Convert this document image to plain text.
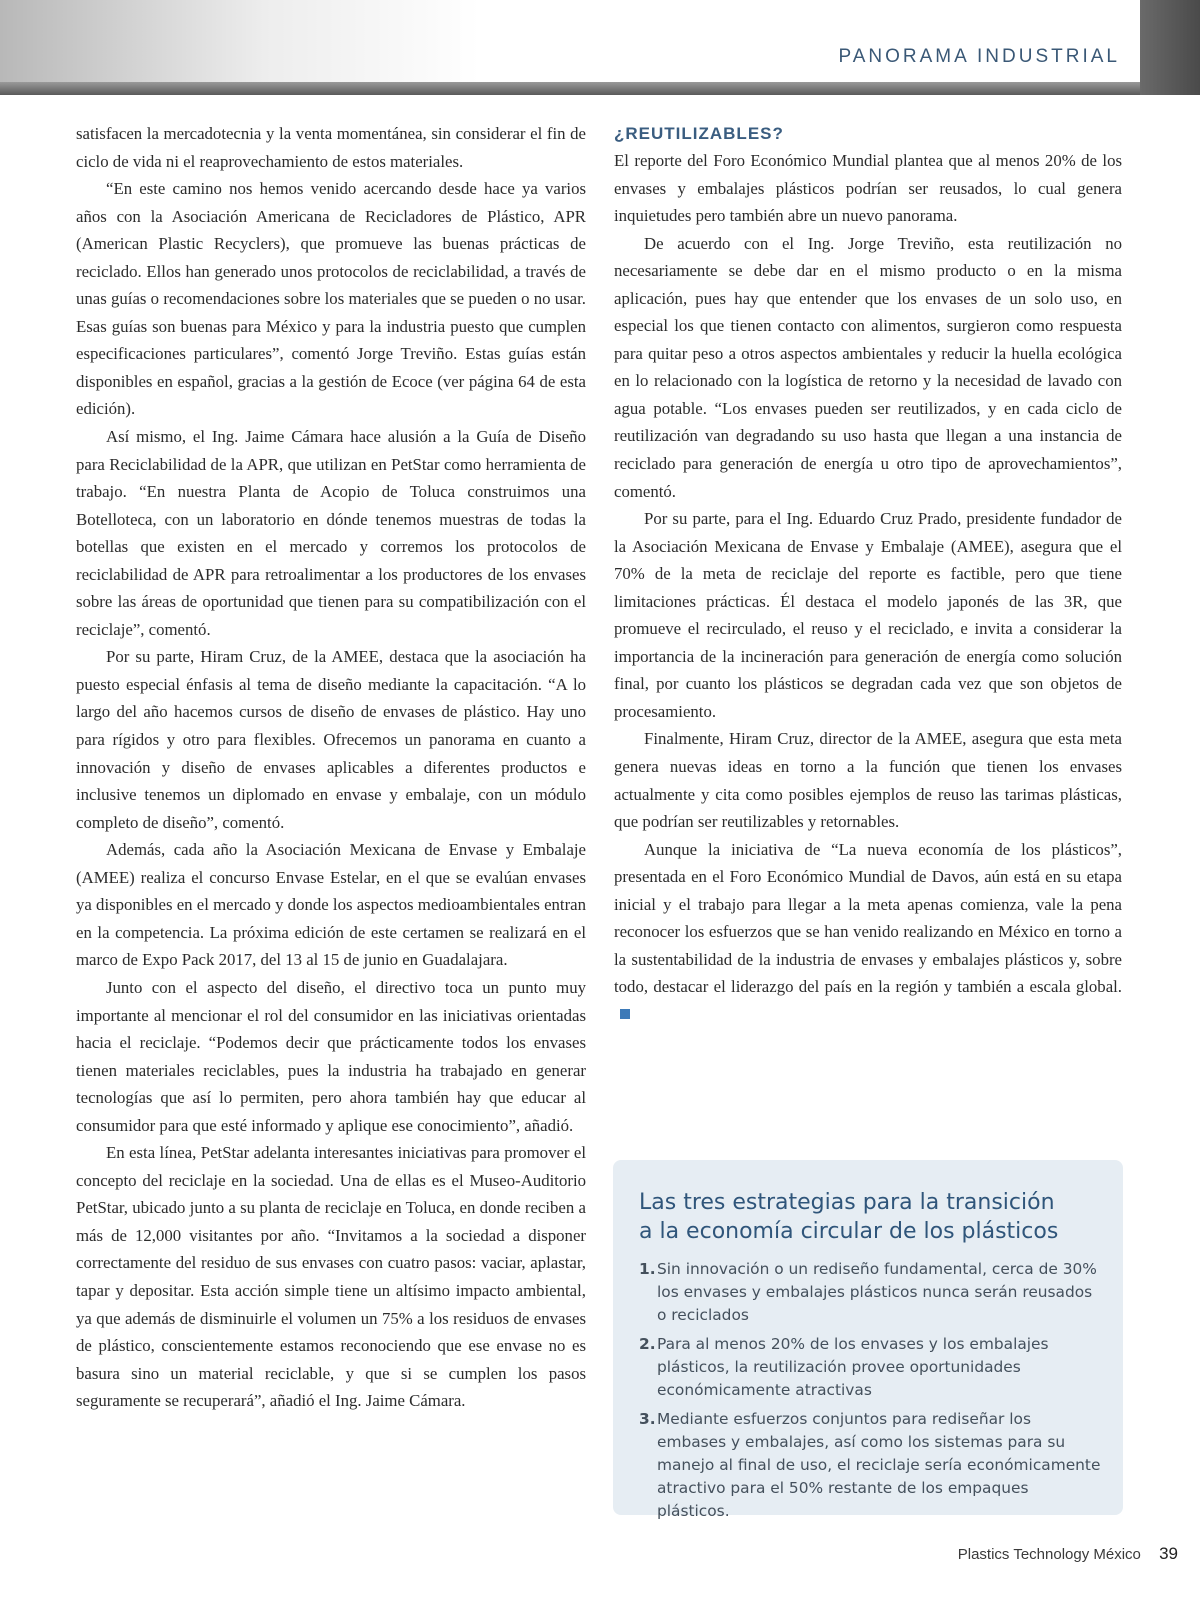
PANORAMA INDUSTRIAL

satisfacen la mercadotecnia y la venta momentánea, sin considerar el fin de ciclo de vida ni el reaprovechamiento de estos materiales.

“En este camino nos hemos venido acercando desde hace ya varios años con la Asociación Americana de Recicladores de Plástico, APR (American Plastic Recyclers), que promueve las buenas prácticas de reciclado. Ellos han generado unos protocolos de reciclabilidad, a través de unas guías o recomendaciones sobre los materiales que se pueden o no usar. Esas guías son buenas para México y para la industria puesto que cumplen especificaciones particulares”, comentó Jorge Treviño. Estas guías están disponibles en español, gracias a la gestión de Ecoce (ver página 64 de esta edición).

Así mismo, el Ing. Jaime Cámara hace alusión a la Guía de Diseño para Reciclabilidad de la APR, que utilizan en PetStar como herramienta de trabajo. “En nuestra Planta de Acopio de Toluca construimos una Botelloteca, con un laboratorio en dónde tenemos muestras de todas la botellas que existen en el mercado y corremos los protocolos de reciclabilidad de APR para retroalimentar a los productores de los envases sobre las áreas de oportunidad que tienen para su compatibilización con el reciclaje”, comentó.

Por su parte, Hiram Cruz, de la AMEE, destaca que la asociación ha puesto especial énfasis al tema de diseño mediante la capacitación. “A lo largo del año hacemos cursos de diseño de envases de plástico. Hay uno para rígidos y otro para flexibles. Ofrecemos un panorama en cuanto a innovación y diseño de envases aplicables a diferentes productos e inclusive tenemos un diplomado en envase y embalaje, con un módulo completo de diseño”, comentó.

Además, cada año la Asociación Mexicana de Envase y Embalaje (AMEE) realiza el concurso Envase Estelar, en el que se evalúan envases ya disponibles en el mercado y donde los aspectos medioambientales entran en la competencia. La próxima edición de este certamen se realizará en el marco de Expo Pack 2017, del 13 al 15 de junio en Guadalajara.

Junto con el aspecto del diseño, el directivo toca un punto muy importante al mencionar el rol del consumidor en las iniciativas orientadas hacia el reciclaje. “Podemos decir que prácticamente todos los envases tienen materiales reciclables, pues la industria ha trabajado en generar tecnologías que así lo permiten, pero ahora también hay que educar al consumidor para que esté informado y aplique ese conocimiento”, añadió.

En esta línea, PetStar adelanta interesantes iniciativas para promover el concepto del reciclaje en la sociedad. Una de ellas es el Museo-Auditorio PetStar, ubicado junto a su planta de reciclaje en Toluca, en donde reciben a más de 12,000 visitantes por año. “Invitamos a la sociedad a disponer correctamente del residuo de sus envases con cuatro pasos: vaciar, aplastar, tapar y depositar. Esta acción simple tiene un altísimo impacto ambiental, ya que además de disminuirle el volumen un 75% a los residuos de envases de plástico, conscientemente estamos reconociendo que ese envase no es basura sino un material reciclable, y que si se cumplen los pasos seguramente se recuperará”, añadió el Ing. Jaime Cámara.

¿REUTILIZABLES?

El reporte del Foro Económico Mundial plantea que al menos 20% de los envases y embalajes plásticos podrían ser reusados, lo cual genera inquietudes pero también abre un nuevo panorama.

De acuerdo con el Ing. Jorge Treviño, esta reutilización no necesariamente se debe dar en el mismo producto o en la misma aplicación, pues hay que entender que los envases de un solo uso, en especial los que tienen contacto con alimentos, surgieron como respuesta para quitar peso a otros aspectos ambientales y reducir la huella ecológica en lo relacionado con la logística de retorno y la necesidad de lavado con agua potable. “Los envases pueden ser reutilizados, y en cada ciclo de reutilización van degradando su uso hasta que llegan a una instancia de reciclado para generación de energía u otro tipo de aprovechamientos”, comentó.

Por su parte, para el Ing. Eduardo Cruz Prado, presidente fundador de la Asociación Mexicana de Envase y Embalaje (AMEE), asegura que el 70% de la meta de reciclaje del reporte es factible, pero que tiene limitaciones prácticas. Él destaca el modelo japonés de las 3R, que promueve el recirculado, el reuso y el reciclado, e invita a considerar la importancia de la incineración para generación de energía como solución final, por cuanto los plásticos se degradan cada vez que son objetos de procesamiento.

Finalmente, Hiram Cruz, director de la AMEE, asegura que esta meta genera nuevas ideas en torno a la función que tienen los envases actualmente y cita como posibles ejemplos de reuso las tarimas plásticas, que podrían ser reutilizables y retornables.

Aunque la iniciativa de “La nueva economía de los plásticos”, presentada en el Foro Económico Mundial de Davos, aún está en su etapa inicial y el trabajo para llegar a la meta apenas comienza, vale la pena reconocer los esfuerzos que se han venido realizando en México en torno a la sustentabilidad de la industria de envases y embalajes plásticos y, sobre todo, destacar el liderazgo del país en la región y también a escala global.

Las tres estrategias para la transición
a la economía circular de los plásticos
1. Sin innovación o un rediseño fundamental, cerca de 30% los envases y embalajes plásticos nunca serán reusados o reciclados
2. Para al menos 20% de los envases y los embalajes plásticos, la reutilización provee oportunidades económicamente atractivas
3. Mediante esfuerzos conjuntos para rediseñar los embases y embalajes, así como los sistemas para su manejo al final de uso, el reciclaje sería económicamente atractivo para el 50% restante de los empaques plásticos.
Plastics Technology México 39
